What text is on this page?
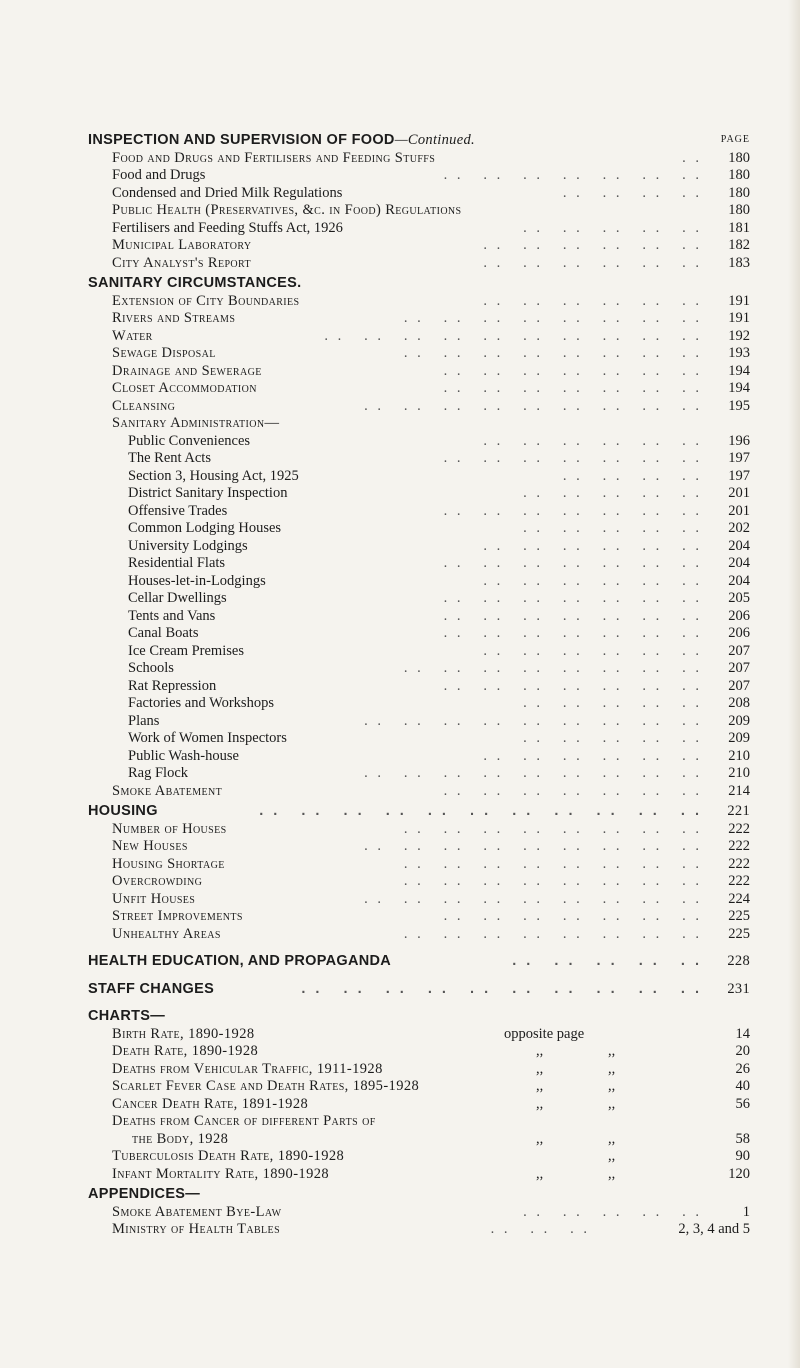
INSPECTION AND SUPERVISION OF FOOD—Continued.	PAGE
Food and Drugs and Fertilisers and Feeding Stuffs	. .	180
Food and Drugs	. .   . .   . .   . .   . .   . .   . .	180
Condensed and Dried Milk Regulations	. .   . .   . .   . .	180
Public Health (Preservatives, &c. in Food) Regulations	180
Fertilisers and Feeding Stuffs Act, 1926	. .   . .   . .   . .   . .	181
Municipal Laboratory	. .   . .   . .   . .   . .   . .	182
City Analyst's Report	. .   . .   . .   . .   . .   . .	183
SANITARY CIRCUMSTANCES.
Extension of City Boundaries	. .   . .   . .   . .   . .   . .	191
Rivers and Streams	. .   . .   . .   . .   . .   . .   . .   . .	191
Water	. .   . .   . .   . .   . .   . .   . .   . .   . .   . .	192
Sewage Disposal	. .   . .   . .   . .   . .   . .   . .   . .	193
Drainage and Sewerage	. .   . .   . .   . .   . .   . .   . .	194
Closet Accommodation	. .   . .   . .   . .   . .   . .   . .	194
Cleansing	. .   . .   . .   . .   . .   . .   . .   . .   . .	195
Sanitary Administration—
Public Conveniences	. .   . .   . .   . .   . .   . .	196
The Rent Acts	. .   . .   . .   . .   . .   . .   . .	197
Section 3, Housing Act, 1925	. .   . .   . .   . .	197
District Sanitary Inspection	. .   . .   . .   . .   . .	201
Offensive Trades	. .   . .   . .   . .   . .   . .   . .	201
Common Lodging Houses	. .   . .   . .   . .   . .	202
University Lodgings	. .   . .   . .   . .   . .   . .	204
Residential Flats	. .   . .   . .   . .   . .   . .   . .	204
Houses-let-in-Lodgings	. .   . .   . .   . .   . .   . .	204
Cellar Dwellings	. .   . .   . .   . .   . .   . .   . .	205
Tents and Vans	. .   . .   . .   . .   . .   . .   . .	206
Canal Boats	. .   . .   . .   . .   . .   . .   . .	206
Ice Cream Premises	. .   . .   . .   . .   . .   . .	207
Schools	. .   . .   . .   . .   . .   . .   . .   . .	207
Rat Repression	. .   . .   . .   . .   . .   . .   . .	207
Factories and Workshops	. .   . .   . .   . .   . .	208
Plans	. .   . .   . .   . .   . .   . .   . .   . .   . .	209
Work of Women Inspectors	. .   . .   . .   . .   . .	209
Public Wash-house	. .   . .   . .   . .   . .   . .	210
Rag Flock	. .   . .   . .   . .   . .   . .   . .   . .   . .	210
Smoke Abatement	. .   . .   . .   . .   . .   . .   . .	214
HOUSING	. .   . .   . .   . .   . .   . .   . .   . .   . .   . .   . .	221
Number of Houses	. .   . .   . .   . .   . .   . .   . .   . .	222
New Houses	. .   . .   . .   . .   . .   . .   . .   . .   . .	222
Housing Shortage	. .   . .   . .   . .   . .   . .   . .   . .	222
Overcrowding	. .   . .   . .   . .   . .   . .   . .   . .	222
Unfit Houses	. .   . .   . .   . .   . .   . .   . .   . .   . .	224
Street Improvements	. .   . .   . .   . .   . .   . .   . .	225
Unhealthy Areas	. .   . .   . .   . .   . .   . .   . .   . .	225
HEALTH EDUCATION, AND PROPAGANDA	. .   . .   . .   . .   . .	228
STAFF CHANGES	. .   . .   . .   . .   . .   . .   . .   . .   . .   . .	231
CHARTS—
Birth Rate, 1890-1928	opposite page	14
Death Rate, 1890-1928	,,	,,	20
Deaths from Vehicular Traffic, 1911-1928	,,	,,	26
Scarlet Fever Case and Death Rates, 1895-1928	,,	,,	40
Cancer Death Rate, 1891-1928	,,	,,	56
Deaths from Cancer of different Parts of
the Body, 1928	,,	,,	58
Tuberculosis Death Rate, 1890-1928	,,	90
Infant Mortality Rate, 1890-1928	,,	,,	120
APPENDICES—
Smoke Abatement Bye-Law	. .   . .   . .   . .   . .	1
Ministry of Health Tables	. .   . .   . .	2, 3, 4 and 5
